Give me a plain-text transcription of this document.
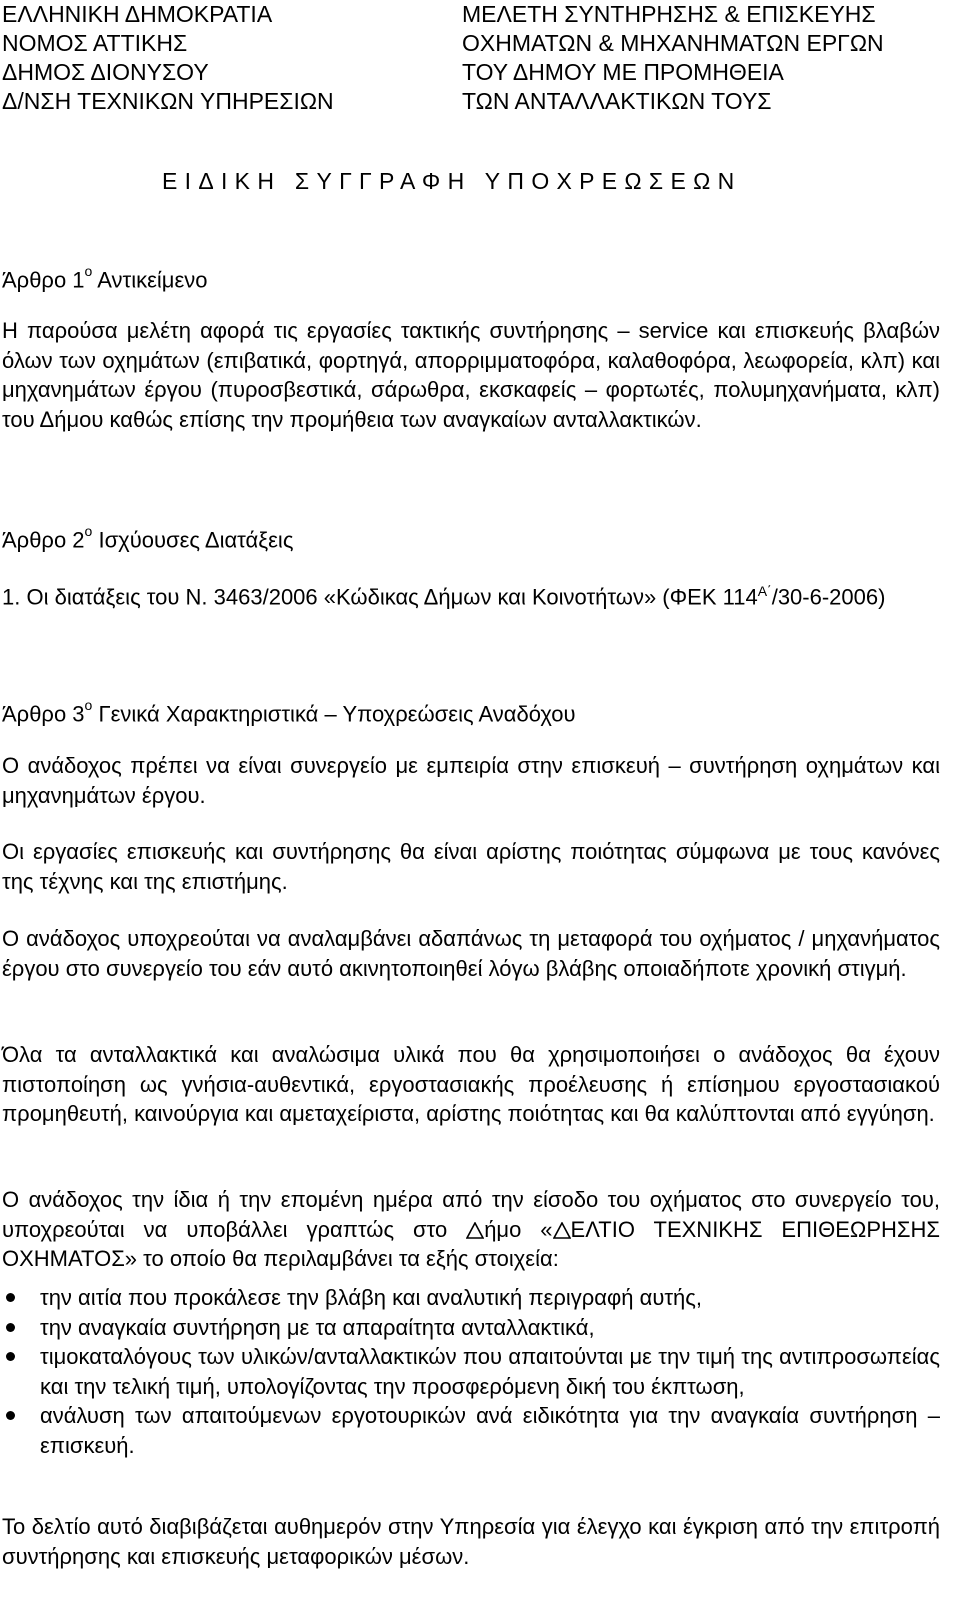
ΕΛΛΗΝΙΚΗ ΔΗΜΟΚΡΑΤΙΑ
ΝΟΜΟΣ ΑΤΤΙΚΗΣ
ΔΗΜΟΣ ΔΙΟΝΥΣΟΥ
Δ/ΝΣΗ ΤΕΧΝΙΚΩΝ ΥΠΗΡΕΣΙΩΝ
ΜΕΛΕΤΗ ΣΥΝΤΗΡΗΣΗΣ & ΕΠΙΣΚΕΥΗΣ
ΟΧΗΜΑΤΩΝ & ΜΗΧΑΝΗΜΑΤΩΝ ΕΡΓΩΝ
ΤΟΥ ΔΗΜΟΥ ΜΕ ΠΡΟΜΗΘΕΙΑ
ΤΩΝ ΑΝΤΑΛΛΑΚΤΙΚΩΝ ΤΟΥΣ
ΕΙΔΙΚΗ ΣΥΓΓΡΑΦΗ ΥΠΟΧΡΕΩΣΕΩΝ
Άρθρο $1^o$ Αντικείμενο
Η παρούσα μελέτη αφορά τις εργασίες τακτικής συντήρησης – service και επισκευής βλαβών όλων των οχημάτων (επιβατικά, φορτηγά, απορριμματοφόρα, καλαθοφόρα, λεωφορεία, κλπ) και μηχανημάτων έργου (πυροσβεστικά, σάρωθρα, εκσκαφείς – φορτωτές, πολυμηχανήματα, κλπ) του Δήμου καθώς επίσης την προμήθεια των αναγκαίων ανταλλακτικών.
Άρθρο $2^o$ Ισχύουσες Διατάξεις
1. Οι διατάξεις του Ν. 3463/2006 «Κώδικας Δήμων και Κοινοτήτων» (ΦΕΚ $114^{A΄}/30-6-2006$)
Άρθρο $3^o$ Γενικά Χαρακτηριστικά – Υποχρεώσεις Αναδόχου
Ο ανάδοχος πρέπει να είναι συνεργείο με εμπειρία στην επισκευή – συντήρηση οχημάτων και μηχανημάτων έργου.
Οι εργασίες επισκευής και συντήρησης θα είναι αρίστης ποιότητας σύμφωνα με τους κανόνες της τέχνης και της επιστήμης.
Ο ανάδοχος υποχρεούται να αναλαμβάνει αδαπάνως τη μεταφορά του οχήματος / μηχανήματος έργου στο συνεργείο του εάν αυτό ακινητοποιηθεί λόγω βλάβης οποιαδήποτε χρονική στιγμή.
Όλα τα ανταλλακτικά και αναλώσιμα υλικά που θα χρησιμοποιήσει ο ανάδοχος θα έχουν πιστοποίηση ως γνήσια-αυθεντικά, εργοστασιακής προέλευσης ή επίσημου εργοστασιακού προμηθευτή, καινούργια και αμεταχείριστα, αρίστης ποιότητας και θα καλύπτονται από εγγύηση.
Ο ανάδοχος την ίδια ή την επομένη ημέρα από την είσοδο του οχήματος στο συνεργείο του, υποχρεούται να υποβάλλει γραπτώς στο ήμο « ΕΛΤΙΟ ΤΕΧΝΙΚΗΣ ΕΠΙΘΕΩΡΗΣΗΣ ΟΧΗΜΑΤΟΣ» το οποίο θα περιλαμβάνει τα εξής στοιχεία:
την αιτία που προκάλεσε την βλάβη και αναλυτική περιγραφή αυτής,
την αναγκαία συντήρηση με τα απαραίτητα ανταλλακτικά,
τιμοκαταλόγους των υλικών/ανταλλακτικών που απαιτούνται με την τιμή της αντιπροσωπείας και την τελική τιμή, υπολογίζοντας την προσφερόμενη δική του έκπτωση,
ανάλυση των απαιτούμενων εργοτουρικών ανά ειδικότητα για την αναγκαία συντήρηση – επισκευή.
Το δελτίο αυτό διαβιβάζεται αυθημερόν στην Υπηρεσία για έλεγχο και έγκριση από την επιτροπή συντήρησης και επισκευής μεταφορικών μέσων.
